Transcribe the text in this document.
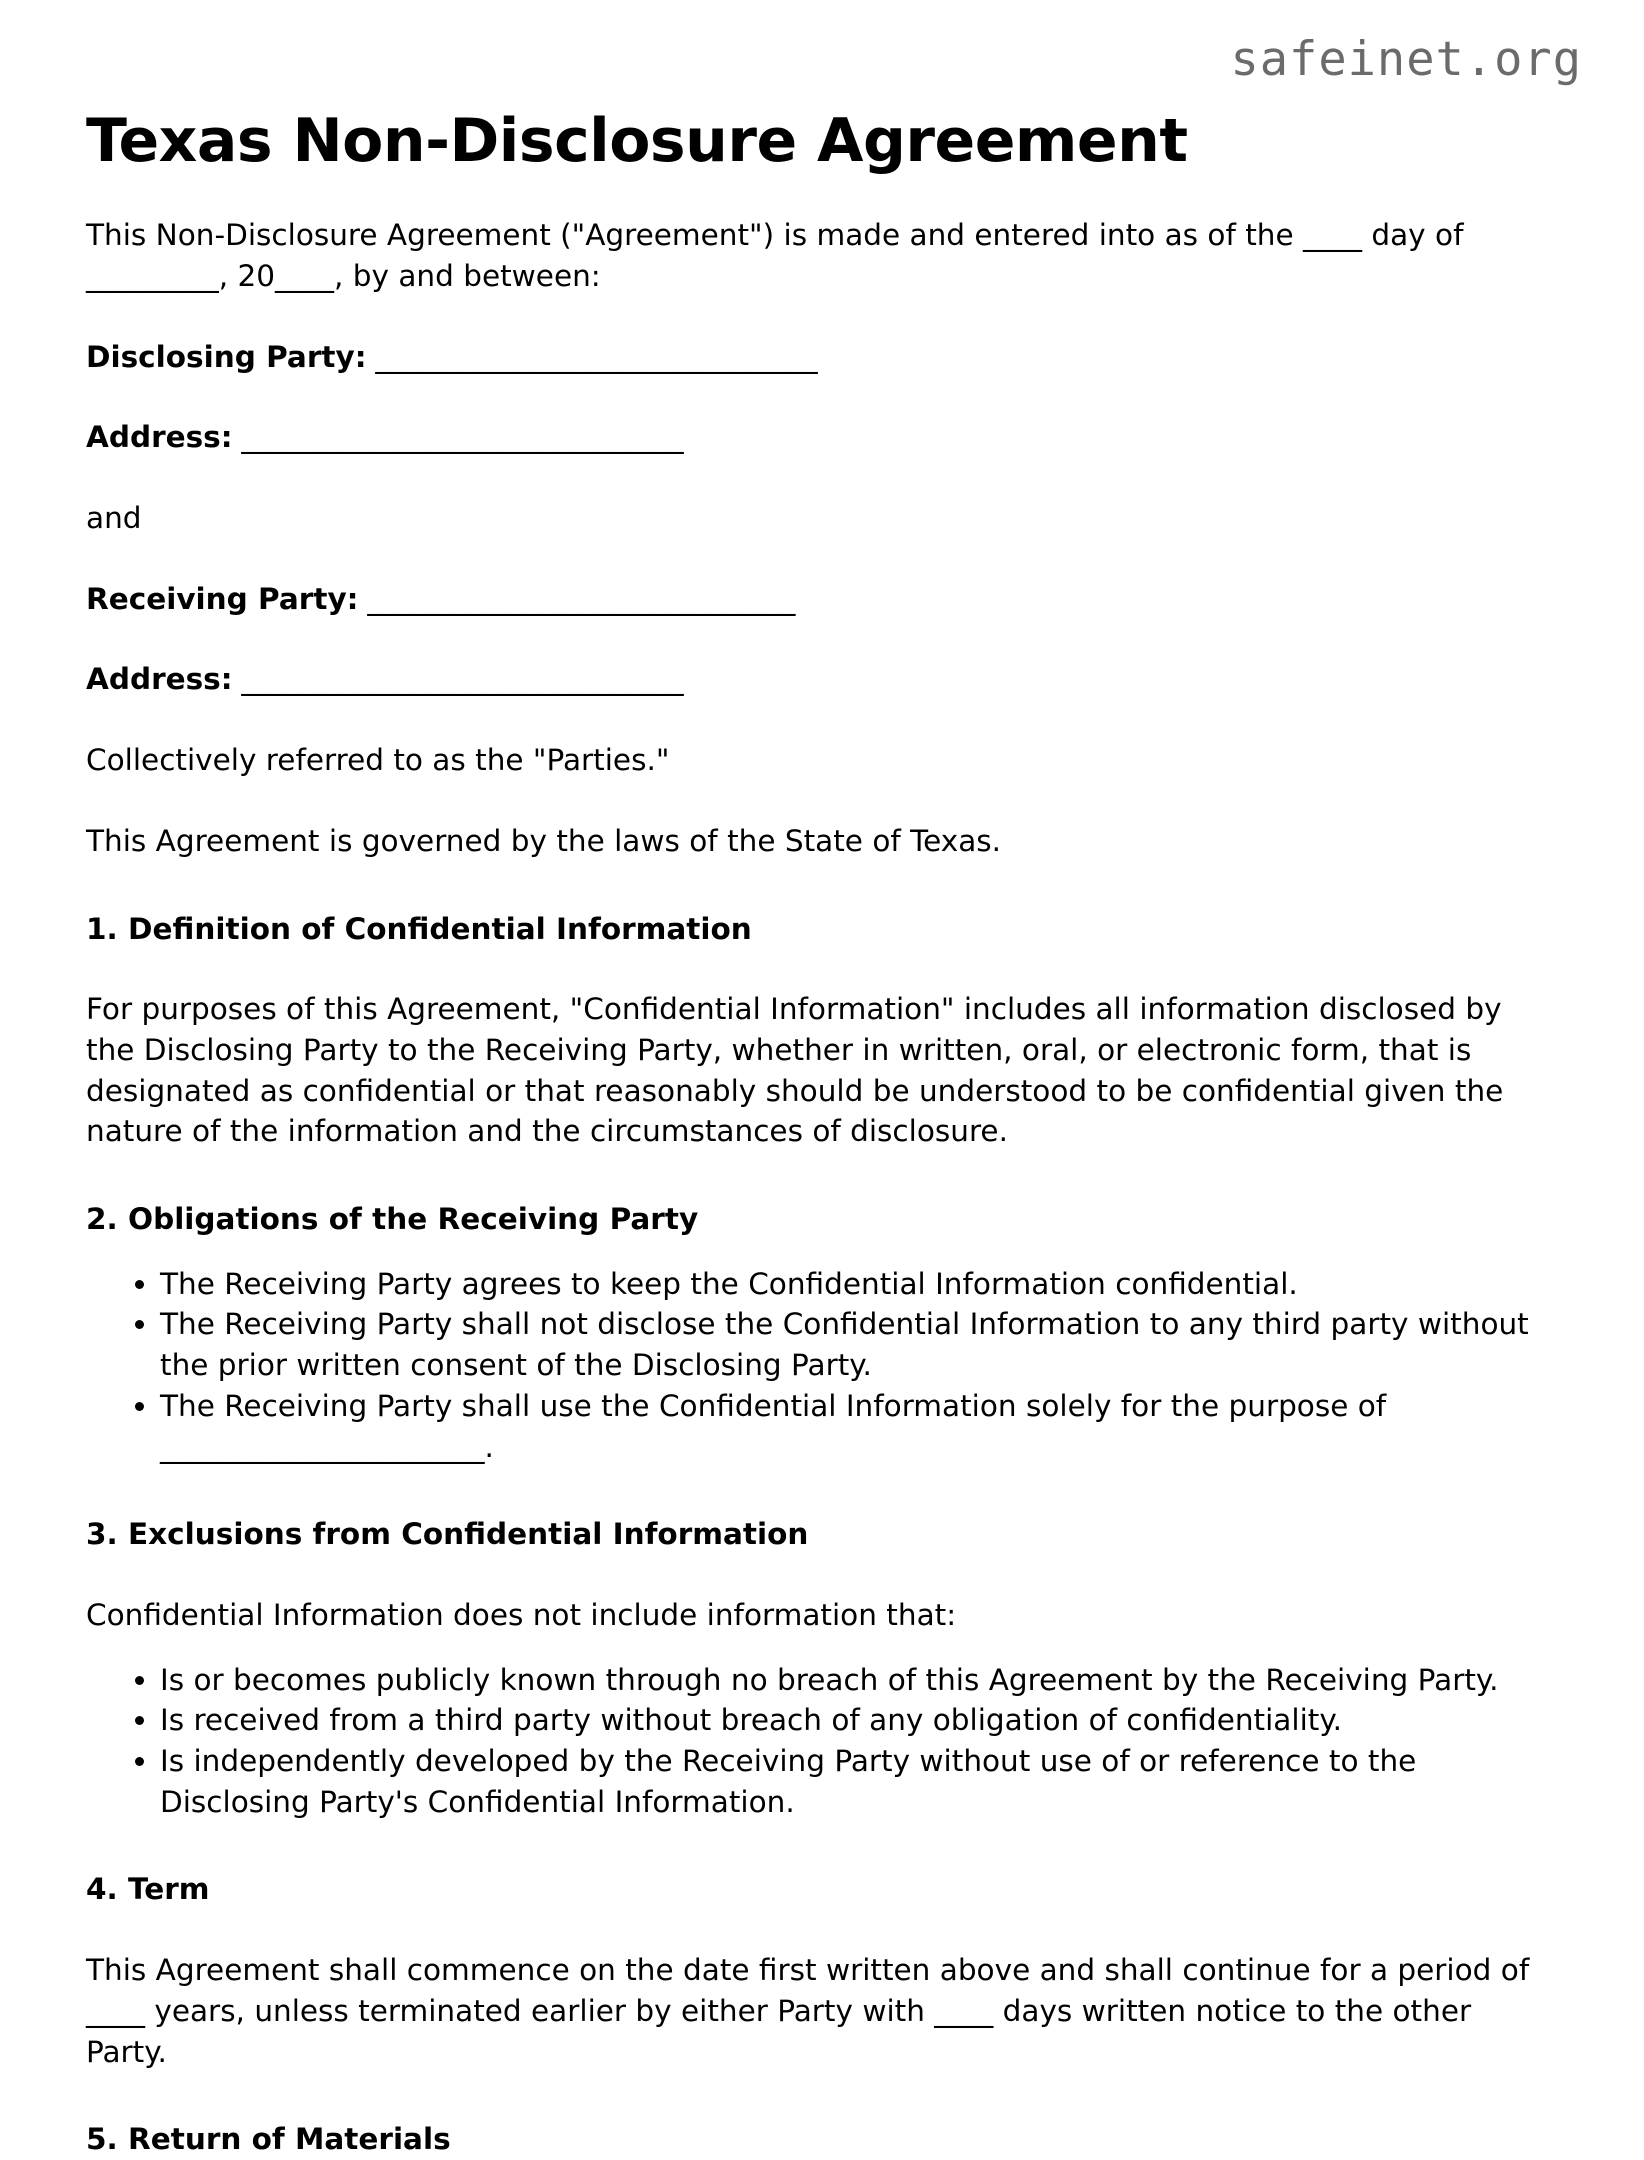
safeinet.org
Texas Non-Disclosure Agreement

This Non-Disclosure Agreement ("Agreement") is made and entered into as of the ____ day of _________, 20____, by and between:

Disclosing Party: _______________________________

Address: _______________________________

and

Receiving Party: ______________________________

Address: _______________________________

Collectively referred to as the "Parties."

This Agreement is governed by the laws of the State of Texas.

1. Definition of Confidential Information

For purposes of this Agreement, "Confidential Information" includes all information disclosed by the Disclosing Party to the Receiving Party, whether in written, oral, or electronic form, that is designated as confidential or that reasonably should be understood to be confidential given the nature of the information and the circumstances of disclosure.

2. Obligations of the Receiving Party
• The Receiving Party agrees to keep the Confidential Information confidential.
• The Receiving Party shall not disclose the Confidential Information to any third party without the prior written consent of the Disclosing Party.
• The Receiving Party shall use the Confidential Information solely for the purpose of ______________________.
3. Exclusions from Confidential Information

Confidential Information does not include information that:

• Is or becomes publicly known through no breach of this Agreement by the Receiving Party.
• Is received from a third party without breach of any obligation of confidentiality.
• Is independently developed by the Receiving Party without use of or reference to the Disclosing Party's Confidential Information.
4. Term

This Agreement shall commence on the date first written above and shall continue for a period of ____ years, unless terminated earlier by either Party with ____ days written notice to the other Party.

5. Return of Materials
